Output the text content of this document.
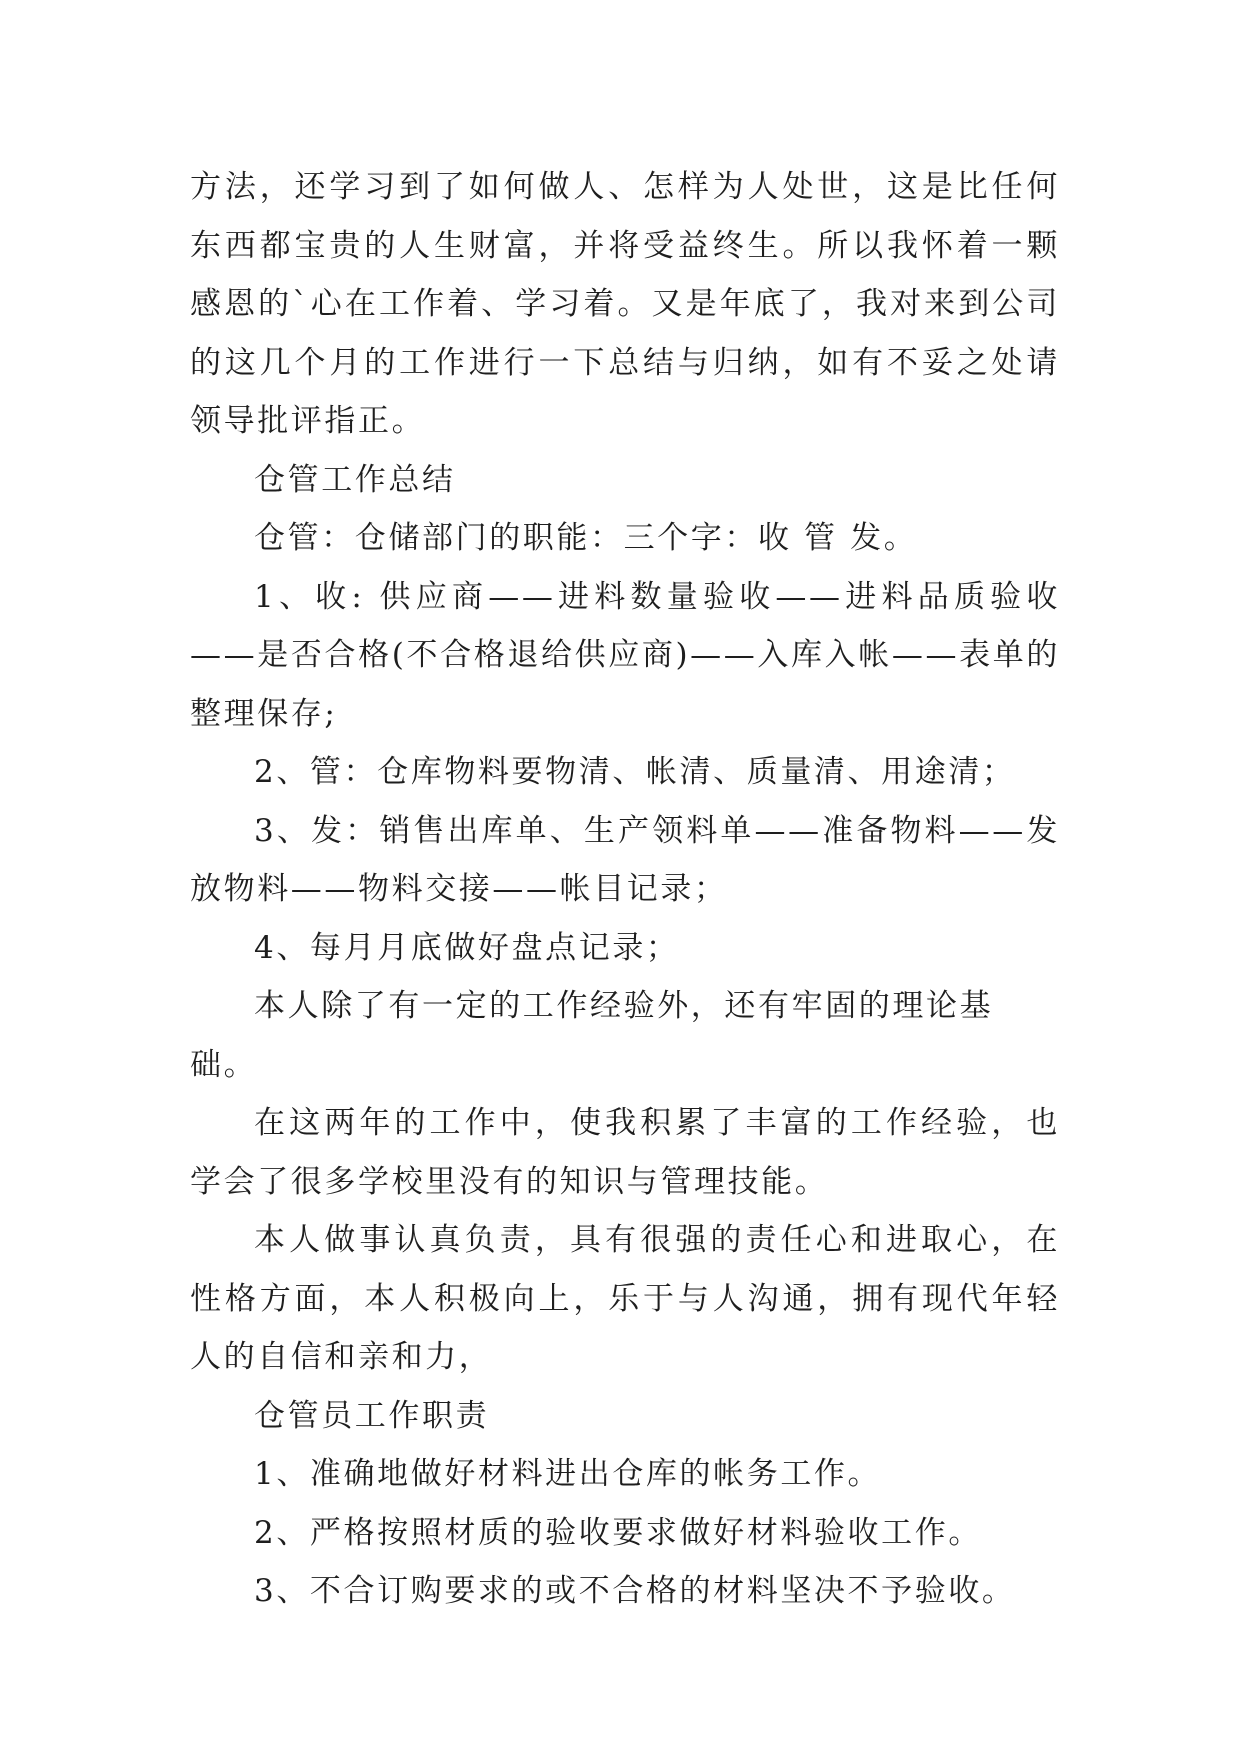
方法，还学习到了如何做人、怎样为人处世，这是比任何东西都宝贵的人生财富，并将受益终生。所以我怀着一颗感恩的`心在工作着、学习着。又是年底了，我对来到公司的这几个月的工作进行一下总结与归纳，如有不妥之处请领导批评指正。

仓管工作总结

仓管：仓储部门的职能：三个字：收 管 发。

1、收: 供应商——进料数量验收——进料品质验收——是否合格(不合格退给供应商)——入库入帐——表单的整理保存;

2、管：仓库物料要物清、帐清、质量清、用途清；

3、发：销售出库单、生产领料单——准备物料——发放物料——物料交接——帐目记录；

4、每月月底做好盘点记录；

本人除了有一定的工作经验外，还有牢固的理论基础。

在这两年的工作中，使我积累了丰富的工作经验，也学会了很多学校里没有的知识与管理技能。

本人做事认真负责，具有很强的责任心和进取心，在性格方面，本人积极向上，乐于与人沟通，拥有现代年轻人的自信和亲和力，

仓管员工作职责

1、准确地做好材料进出仓库的帐务工作。

2、严格按照材质的验收要求做好材料验收工作。

3、不合订购要求的或不合格的材料坚决不予验收。
